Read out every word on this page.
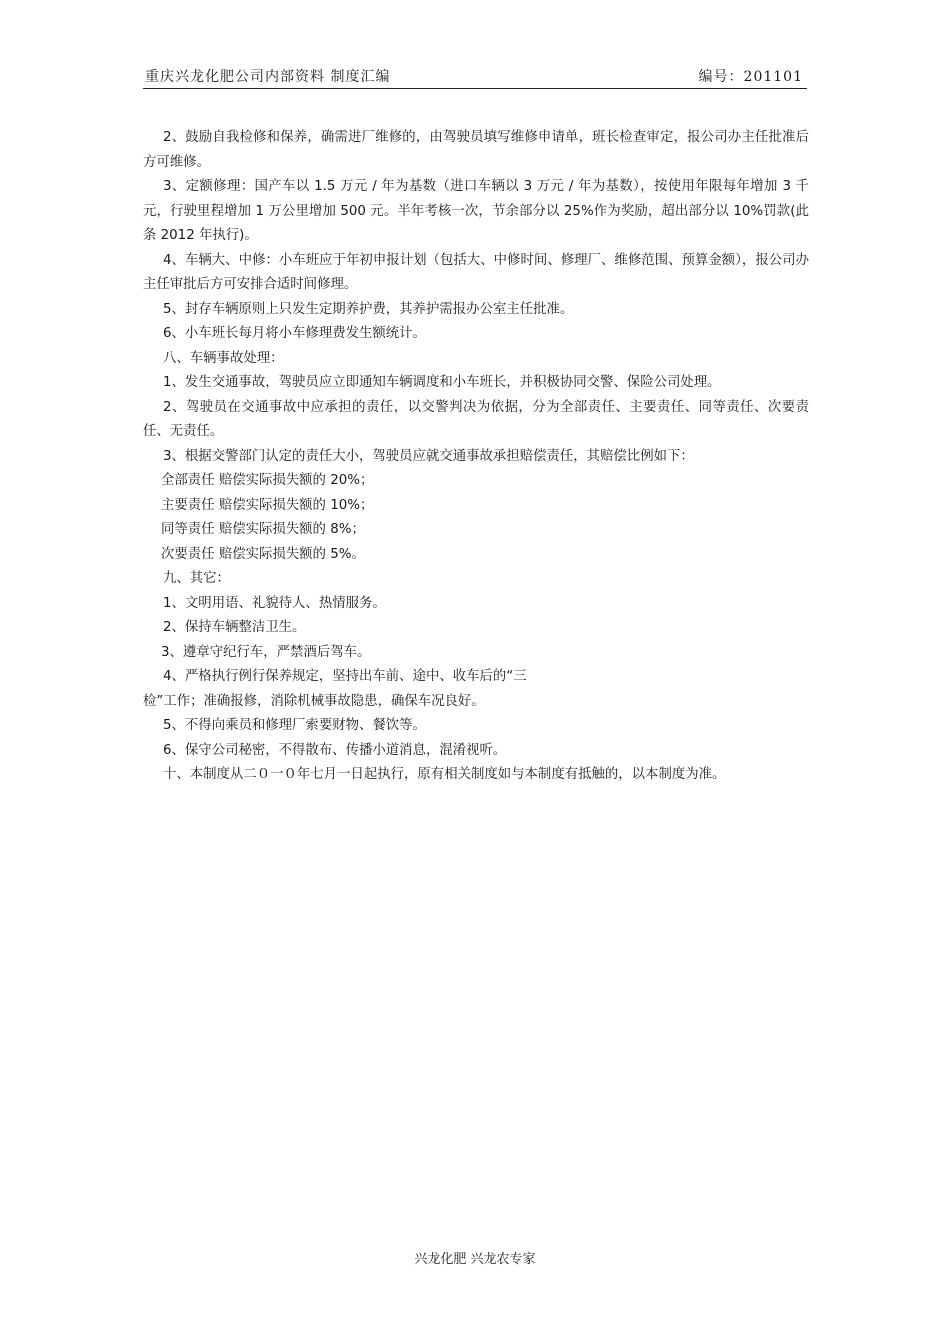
重庆兴龙化肥公司内部资料 制度汇编	编号：201101

2、鼓励自我检修和保养，确需进厂维修的，由驾驶员填写维修申请单，班长检查审定，报公司办主任批准后方可维修。

3、定额修理：国产车以 1.5 万元 / 年为基数（进口车辆以 3 万元 / 年为基数），按使用年限每年增加 3 千元，行驶里程增加 1 万公里增加 500 元。半年考核一次，节余部分以 25%作为奖励，超出部分以 10%罚款(此条 2012 年执行)。

4、车辆大、中修：小车班应于年初申报计划（包括大、中修时间、修理厂、维修范围、预算金额），报公司办主任审批后方可安排合适时间修理。

5、封存车辆原则上只发生定期养护费，其养护需报办公室主任批准。

6、小车班长每月将小车修理费发生额统计。

八、车辆事故处理：

1、发生交通事故，驾驶员应立即通知车辆调度和小车班长，并积极协同交警、保险公司处理。

2、驾驶员在交通事故中应承担的责任，以交警判决为依据，分为全部责任、主要责任、同等责任、次要责任、无责任。

3、根据交警部门认定的责任大小，驾驶员应就交通事故承担赔偿责任，其赔偿比例如下：

全部责任 赔偿实际损失额的 20%；

主要责任 赔偿实际损失额的 10%；

同等责任 赔偿实际损失额的 8%；

次要责任 赔偿实际损失额的 5%。

九、其它：

1、文明用语、礼貌待人、热情服务。

2、保持车辆整洁卫生。

3、遵章守纪行车，严禁酒后驾车。

4、严格执行例行保养规定，坚持出车前、途中、收车后的“三

检”工作；准确报修，消除机械事故隐患，确保车况良好。

5、不得向乘员和修理厂索要财物、餐饮等。

6、保守公司秘密，不得散布、传播小道消息，混淆视听。

十、本制度从二０一０年七月一日起执行，原有相关制度如与本制度有抵触的，以本制度为准。

兴龙化肥 兴龙农专家
